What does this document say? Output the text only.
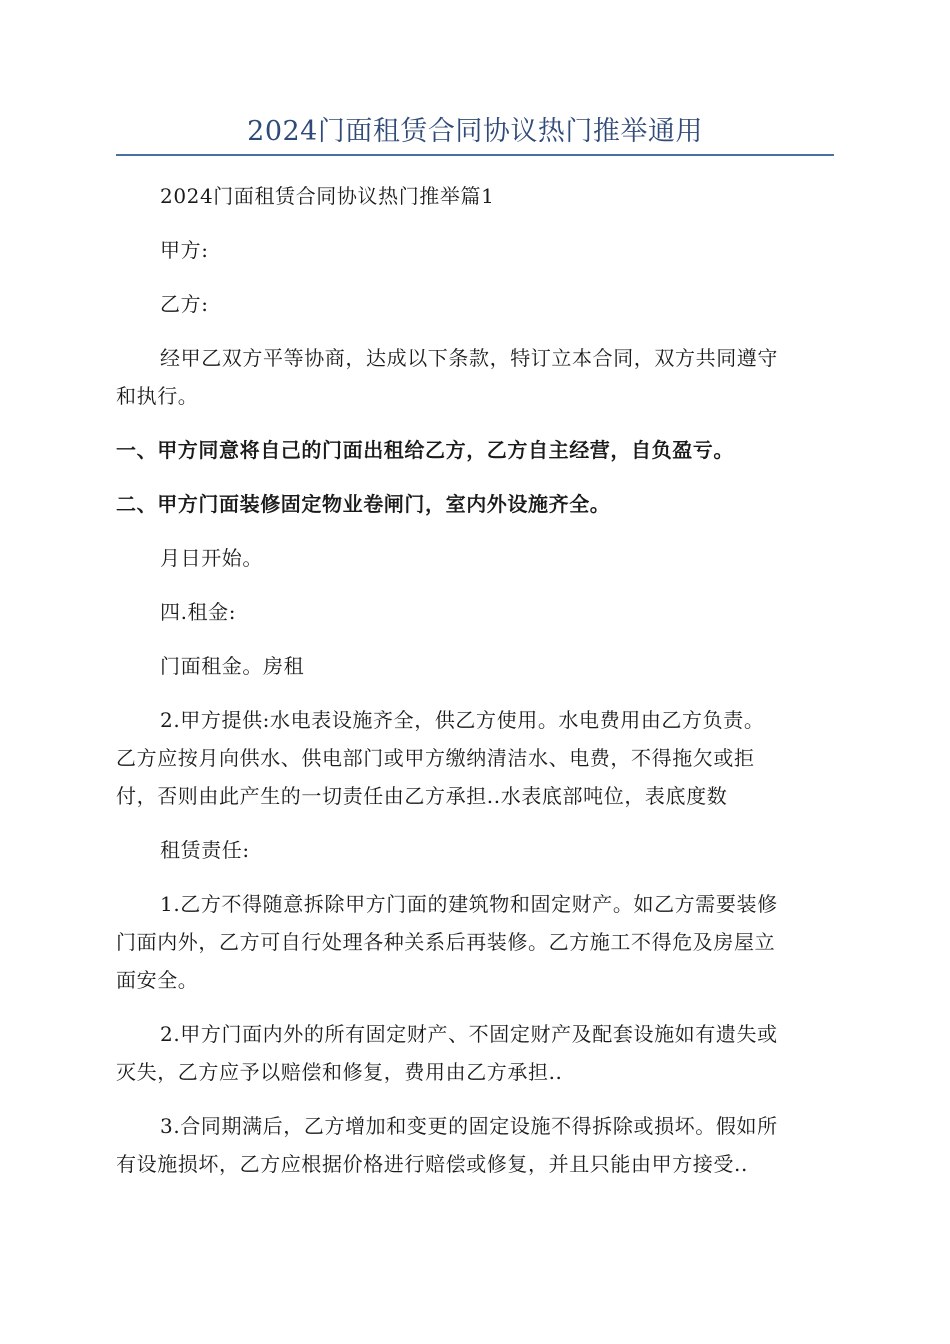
2024门面租赁合同协议热门推举通用

2024门面租赁合同协议热门推举篇1

甲方:

乙方:

经甲乙双方平等协商，达成以下条款，特订立本合同，双方共同遵守

和执行。

一、甲方同意将自己的门面出租给乙方，乙方自主经营，自负盈亏。

二、甲方门面装修固定物业卷闸门，室内外设施齐全。

月日开始。

四.租金:

门面租金。房租

2.甲方提供:水电表设施齐全，供乙方使用。水电费用由乙方负责。

乙方应按月向供水、供电部门或甲方缴纳清洁水、电费，不得拖欠或拒

付，否则由此产生的一切责任由乙方承担..水表底部吨位，表底度数

租赁责任:

1.乙方不得随意拆除甲方门面的建筑物和固定财产。如乙方需要装修

门面内外，乙方可自行处理各种关系后再装修。乙方施工不得危及房屋立

面安全。

2.甲方门面内外的所有固定财产、不固定财产及配套设施如有遗失或

灭失，乙方应予以赔偿和修复，费用由乙方承担..

3.合同期满后，乙方增加和变更的固定设施不得拆除或损坏。假如所

有设施损坏，乙方应根据价格进行赔偿或修复，并且只能由甲方接受..
